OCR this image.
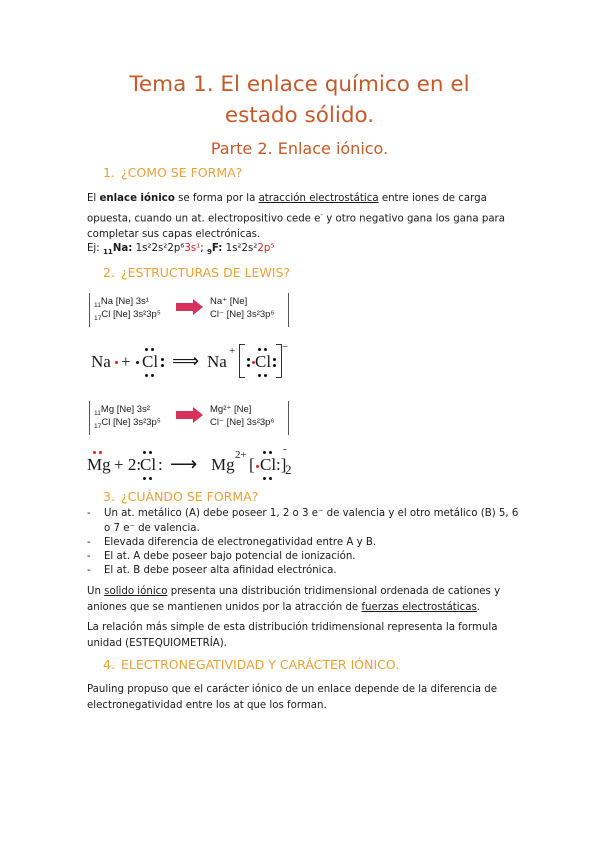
Tema 1. El enlace químico en el
estado sólido.
Parte 2. Enlace iónico.
1. ¿COMO SE FORMA?
El enlace iónico se forma por la atracción electrostática entre iones de carga opuesta, cuando un at. electropositivo cede e- y otro negativo gana los gana para completar sus capas electrónicas.
Ej: $_{11}$Na: 1s²2s²2p⁶3s¹; $_9$F: 1s²2s²2p⁵
2. ¿ESTRUCTURAS DE LEWIS?
$_{11}$Na [Ne] 3s¹
$_{17}$Cl [Ne] 3s²3p⁵
Na⁺ [Ne]
Cl⁻ [Ne] 3s²3p⁶
Na + Cl ⟹ Na
+
Cl
−
$_{11}$Mg [Ne] 3s²
$_{17}$Cl [Ne] 3s²3p⁵
Mg²⁺ [Ne]
Cl⁻ [Ne] 3s²3p⁶
Mg + 2:
Cl : ⟶ Mg 2+ [ Cl :]
-
2
3. ¿CUÁNDO SE FORMA?
- Un at. metálico (A) debe poseer 1, 2 o 3 e⁻ de valencia y el otro metálico (B) 5, 6 o 7 e⁻ de valencia.
- Elevada diferencia de electronegatividad entre A y B.
- El at. A debe poseer bajo potencial de ionización.
- El at. B debe poseer alta afinidad electrónica.
Un solido iónico presenta una distribución tridimensional ordenada de cationes y aniones que se mantienen unidos por la atracción de fuerzas electrostáticas.
La relación más simple de esta distribución tridimensional representa la formula unidad (ESTEQUIOMETRÍA).
4. ELECTRONEGATIVIDAD Y CARÁCTER IÓNICO.
Pauling propuso que el carácter iónico de un enlace depende de la diferencia de electronegatividad entre los at que los forman.
